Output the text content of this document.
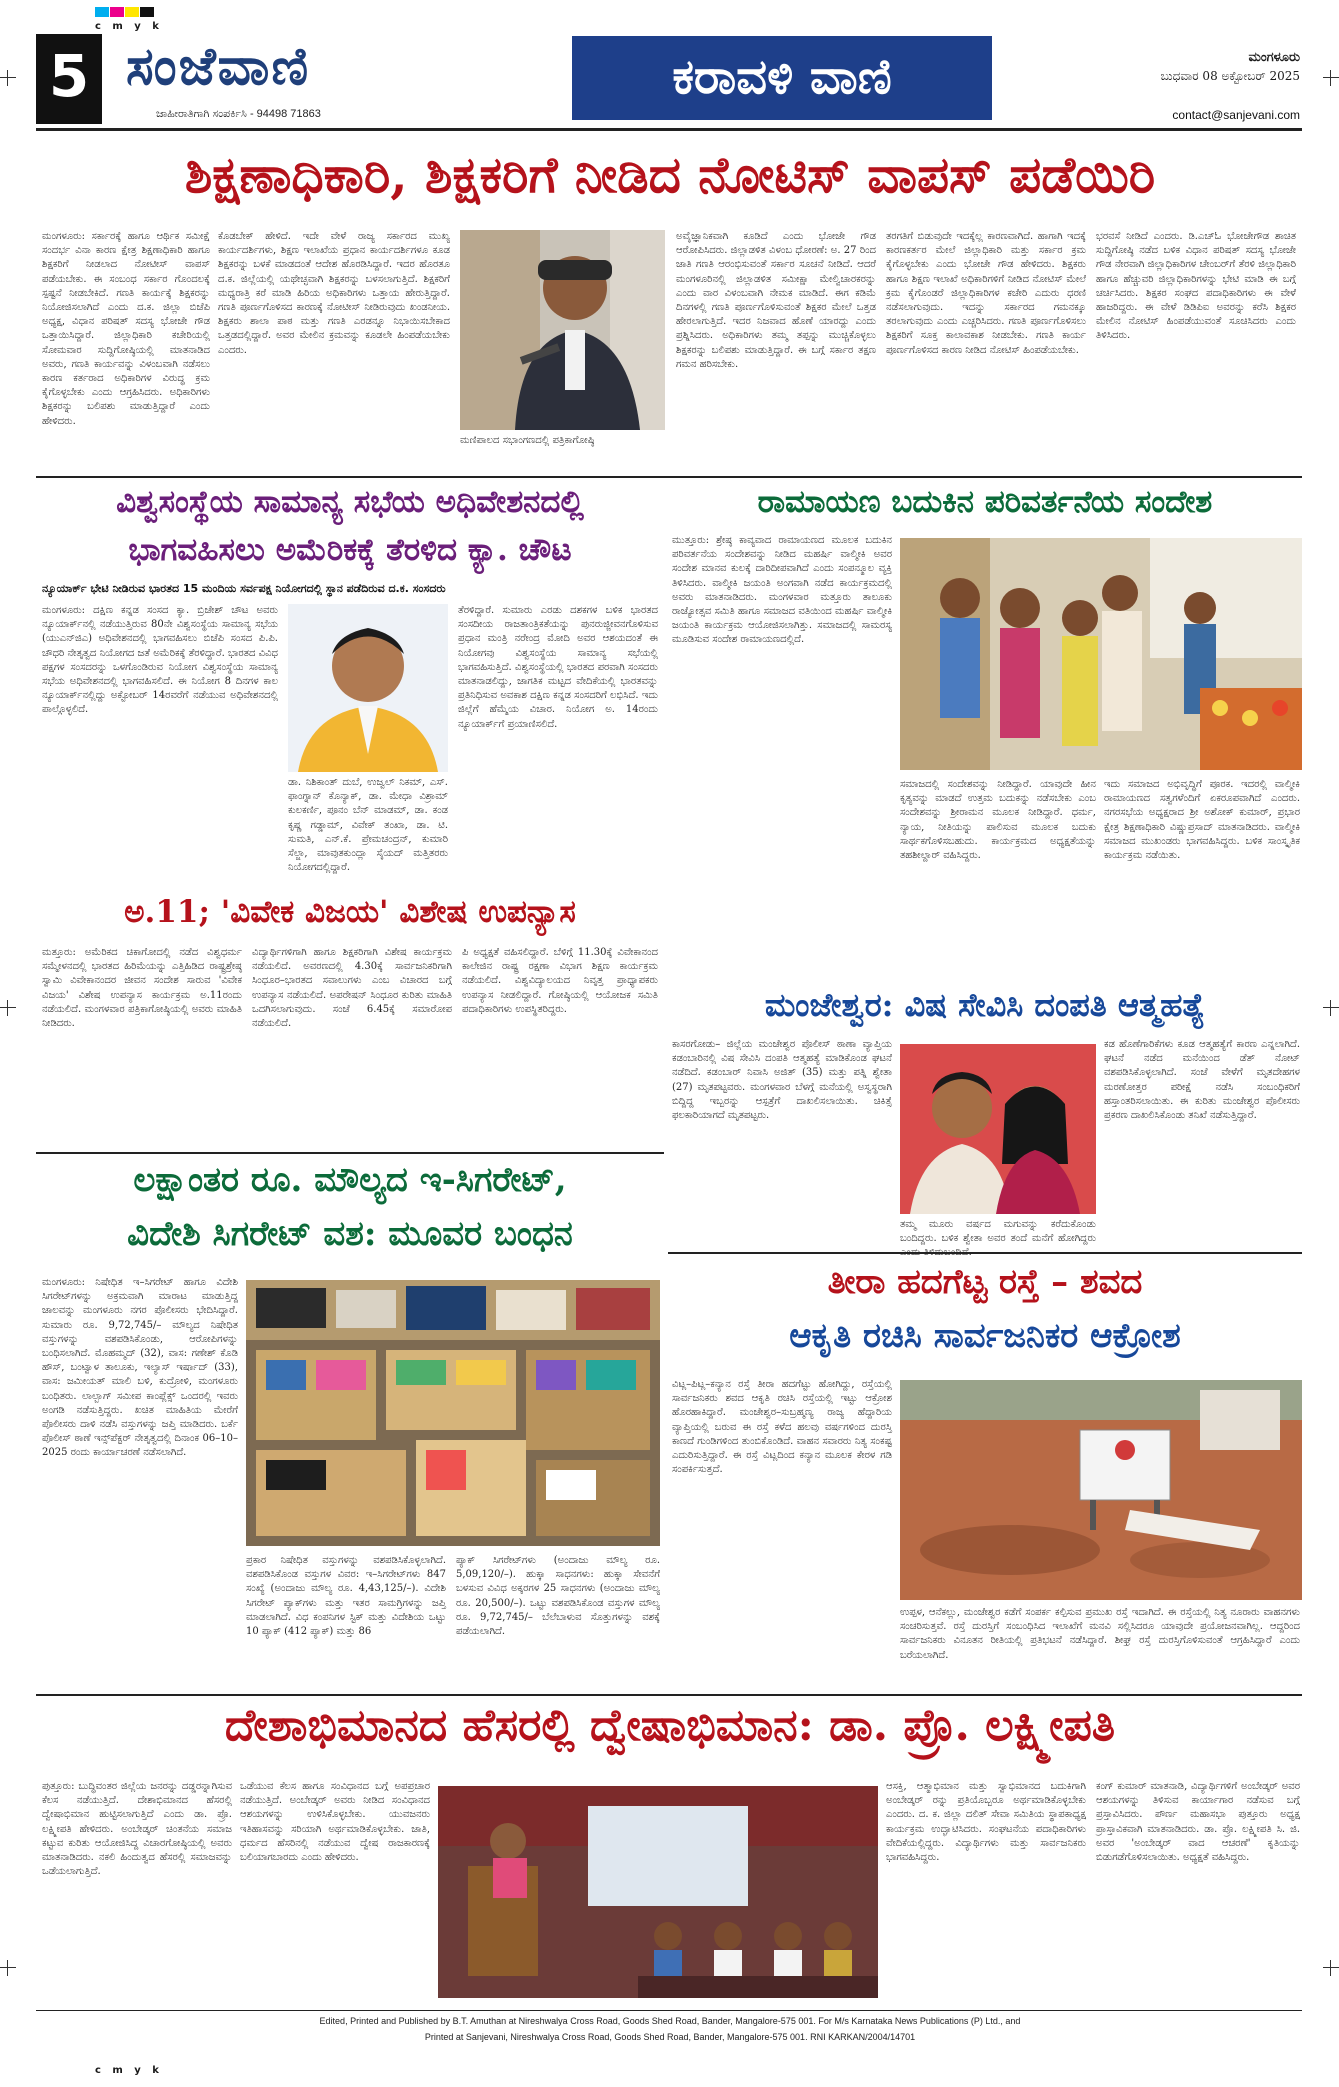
c m y k
5 ಸಂಜೆವಾಣಿ
ಜಾಹೀರಾತಿಗಾಗಿ ಸಂಪರ್ಕಿಸಿ - 94498 71863
ಕರಾವಳಿ ವಾಣಿ	ಮಂಗಳೂರು
ಬುಧವಾರ 08 ಅಕ್ಟೋಬರ್ 2025
contact@sanjevani.com
ಶಿಕ್ಷಣಾಧಿಕಾರಿ, ಶಿಕ್ಷಕರಿಗೆ ನೀಡಿದ ನೋಟಿಸ್ ವಾಪಸ್ ಪಡೆಯಿರಿ
ಮಂಗಳೂರು: ಸರ್ಕಾರಕ್ಕೆ ಹಾಗೂ ಆರ್ಥಿಕ ಸಮೀಕ್ಷೆ ಸಂದರ್ಭ ವಿನಾ ಕಾರಣ ಕ್ಷೇತ್ರ ಶಿಕ್ಷಣಾಧಿಕಾರಿ ಹಾಗೂ ಶಿಕ್ಷಕರಿಗೆ ನೀಡಲಾದ ನೋಟೀಸ್ ವಾಪಸ್ ಪಡೆಯಬೇಕು. ಈ ಸಂಬಂಧ ಸರ್ಕಾರ ಗೊಂದಲಕ್ಕೆ ಸ್ಪಷ್ಟನೆ ನೀಡಬೇಕಿದೆ. ಗಣತಿ ಕಾರ್ಯಕ್ಕೆ ಶಿಕ್ಷಕರನ್ನು ನಿಯೋಜಿಸಲಾಗಿದೆ ಎಂದು ದ.ಕ. ಜಿಲ್ಲಾ ಬಿಜೆಪಿ ಅಧ್ಯಕ್ಷ, ವಿಧಾನ ಪರಿಷತ್ ಸದಸ್ಯ ಭೋಜೇ ಗೌಡ ಒತ್ತಾಯಿಸಿದ್ದಾರೆ. ಜಿಲ್ಲಾಧಿಕಾರಿ ಕಚೇರಿಯಲ್ಲಿ ಸೋಮವಾರ ಸುದ್ದಿಗೋಷ್ಠಿಯಲ್ಲಿ ಮಾತನಾಡಿದ ಅವರು, ಗಣತಿ ಕಾರ್ಯವನ್ನು ವಿಳಂಬವಾಗಿ ನಡೆಸಲು ಕಾರಣ ಕರ್ತರಾದ ಅಧಿಕಾರಿಗಳ ವಿರುದ್ಧ ಕ್ರಮ ಕೈಗೊಳ್ಳಬೇಕು ಎಂದು ಆಗ್ರಹಿಸಿದರು. ಅಧಿಕಾರಿಗಳು ಶಿಕ್ಷಕರನ್ನು ಬಲಿಪಶು ಮಾಡುತ್ತಿದ್ದಾರೆ ಎಂದು ಹೇಳಿದರು.
ಕೊಡಬೇಕ್ ಹೇಳಿದೆ. ಇದೇ ವೇಳೆ ರಾಜ್ಯ ಸರ್ಕಾರದ ಮುಖ್ಯ ಕಾರ್ಯದರ್ಶಿಗಳು, ಶಿಕ್ಷಣ ಇಲಾಖೆಯ ಪ್ರಧಾನ ಕಾರ್ಯದರ್ಶಿಗಳೂ ಕೂಡ ಶಿಕ್ಷಕರನ್ನು ಬಳಕೆ ಮಾಡದಂತೆ ಆದೇಶ ಹೊರಡಿಸಿದ್ದಾರೆ. ಇದರ ಹೊರತೂ ದ.ಕ. ಜಿಲ್ಲೆಯಲ್ಲಿ ಯಥೇಚ್ಛವಾಗಿ ಶಿಕ್ಷಕರನ್ನು ಬಳಸಲಾಗುತ್ತಿದೆ. ಶಿಕ್ಷಕರಿಗೆ ಮಧ್ಯರಾತ್ರಿ ಕರೆ ಮಾಡಿ ಹಿರಿಯ ಅಧಿಕಾರಿಗಳು ಒತ್ತಾಯ ಹೇರುತ್ತಿದ್ದಾರೆ. ಗಣತಿ ಪೂರ್ಣಗೊಳಿಸದ ಕಾರಣಕ್ಕೆ ನೋಟೀಸ್ ನೀಡಿರುವುದು ಖಂಡನೀಯ. ಶಿಕ್ಷಕರು ಶಾಲಾ ಪಾಠ ಮತ್ತು ಗಣತಿ ಎರಡನ್ನೂ ನಿಭಾಯಿಸಬೇಕಾದ ಒತ್ತಡದಲ್ಲಿದ್ದಾರೆ. ಅವರ ಮೇಲಿನ ಕ್ರಮವನ್ನು ಕೂಡಲೇ ಹಿಂಪಡೆಯಬೇಕು ಎಂದರು.
ಮಣಿಪಾಲದ ಸಭಾಂಗಣದಲ್ಲಿ ಪತ್ರಿಕಾಗೋಷ್ಠಿ
ಅವೈಜ್ಞಾನಿಕವಾಗಿ ಕೂಡಿದೆ ಎಂದು ಭೋಜೇ ಗೌಡ ಆರೋಪಿಸಿದರು. ಜಿಲ್ಲಾಡಳಿತ ವಿಳಂಬ ಧೋರಣೆ: ಅ. 27 ರಿಂದ ಜಾತಿ ಗಣತಿ ಆರಂಭಿಸುವಂತೆ ಸರ್ಕಾರ ಸೂಚನೆ ನೀಡಿದೆ. ಆದರೆ ಮಂಗಳೂರಿನಲ್ಲಿ ಜಿಲ್ಲಾಡಳಿತ ಸಮೀಕ್ಷಾ ಮೇಲ್ವಿಚಾರಕರನ್ನು ಎಂದು ವಾರ ವಿಳಂಬವಾಗಿ ನೇಮಕ ಮಾಡಿದೆ. ಈಗ ಕಡಿಮೆ ದಿನಗಳಲ್ಲಿ ಗಣತಿ ಪೂರ್ಣಗೊಳಿಸುವಂತೆ ಶಿಕ್ಷಕರ ಮೇಲೆ ಒತ್ತಡ ಹೇರಲಾಗುತ್ತಿದೆ. ಇದರ ನಿಜವಾದ ಹೊಣೆ ಯಾರದ್ದು ಎಂದು ಪ್ರಶ್ನಿಸಿದರು. ಅಧಿಕಾರಿಗಳು ತಮ್ಮ ತಪ್ಪನ್ನು ಮುಚ್ಚಿಕೊಳ್ಳಲು ಶಿಕ್ಷಕರನ್ನು ಬಲಿಪಶು ಮಾಡುತ್ತಿದ್ದಾರೆ. ಈ ಬಗ್ಗೆ ಸರ್ಕಾರ ತಕ್ಷಣ ಗಮನ ಹರಿಸಬೇಕು.
ತರಗತಿಗೆ ಬಿಡುವುದೇ ಇದಕ್ಕೆಲ್ಲ ಕಾರಣವಾಗಿದೆ. ಹಾಗಾಗಿ ಇದಕ್ಕೆ ಕಾರಣಕರ್ತರ ಮೇಲೆ ಜಿಲ್ಲಾಧಿಕಾರಿ ಮತ್ತು ಸರ್ಕಾರ ಕ್ರಮ ಕೈಗೊಳ್ಳಬೇಕು ಎಂದು ಭೋಜೇ ಗೌಡ ಹೇಳಿದರು. ಶಿಕ್ಷಕರು ಹಾಗೂ ಶಿಕ್ಷಣ ಇಲಾಖೆ ಅಧಿಕಾರಿಗಳಿಗೆ ನೀಡಿದ ನೋಟಿಸ್ ಮೇಲೆ ಕ್ರಮ ಕೈಗೊಂಡರೆ ಜಿಲ್ಲಾಧಿಕಾರಿಗಳ ಕಚೇರಿ ಎದುರು ಧರಣಿ ನಡೆಸಲಾಗುವುದು. ಇದನ್ನು ಸರ್ಕಾರದ ಗಮನಕ್ಕೂ ತರಲಾಗುವುದು ಎಂದು ಎಚ್ಚರಿಸಿದರು. ಗಣತಿ ಪೂರ್ಣಗೊಳಿಸಲು ಶಿಕ್ಷಕರಿಗೆ ಸೂಕ್ತ ಕಾಲಾವಕಾಶ ನೀಡಬೇಕು. ಗಣತಿ ಕಾರ್ಯ ಪೂರ್ಣಗೊಳಿಸದ ಕಾರಣ ನೀಡಿದ ನೋಟಿಸ್ ಹಿಂಪಡೆಯಬೇಕು.
ಭರವಸೆ ನೀಡಿದೆ ಎಂದರು. ಡಿ.ಎಚ್‌ಓ ಭೋಜೇಗೌಡ ಶಾಚಿತ ಸುದ್ದಿಗೋಷ್ಠಿ ನಡೆದ ಬಳಿಕ ವಿಧಾನ ಪರಿಷತ್ ಸದಸ್ಯ ಭೋಜೇ ಗೌಡ ನೇರವಾಗಿ ಜಿಲ್ಲಾಧಿಕಾರಿಗಳ ಚೇಂಬರ್‌ಗೆ ತೆರಳಿ ಜಿಲ್ಲಾಧಿಕಾರಿ ಹಾಗೂ ಹೆಚ್ಚುವರಿ ಜಿಲ್ಲಾಧಿಕಾರಿಗಳನ್ನು ಭೇಟಿ ಮಾಡಿ ಈ ಬಗ್ಗೆ ಚರ್ಚಿಸಿದರು. ಶಿಕ್ಷಕರ ಸಂಘದ ಪದಾಧಿಕಾರಿಗಳು ಈ ವೇಳೆ ಹಾಜರಿದ್ದರು. ಈ ವೇಳೆ ಡಿಡಿಪಿಐ ಅವರನ್ನು ಕರೆಸಿ ಶಿಕ್ಷಕರ ಮೇಲಿನ ನೋಟಿಸ್ ಹಿಂಪಡೆಯುವಂತೆ ಸೂಚಿಸಿದರು ಎಂದು ತಿಳಿಸಿದರು.
ವಿಶ್ವಸಂಸ್ಥೆಯ ಸಾಮಾನ್ಯ ಸಭೆಯ ಅಧಿವೇಶನದಲ್ಲಿ
ಭಾಗವಹಿಸಲು ಅಮೆರಿಕಕ್ಕೆ ತೆರಳಿದ ಕ್ಯಾ. ಚೌಟ
ನ್ಯೂಯಾರ್ಕ್ ಭೇಟಿ ನೀಡಿರುವ ಭಾರತದ 15 ಮಂದಿಯ ಸರ್ವಪಕ್ಷ ನಿಯೋಗದಲ್ಲಿ ಸ್ಥಾನ ಪಡೆದಿರುವ ದ.ಕ. ಸಂಸದರು
ಮಂಗಳೂರು: ದಕ್ಷಿಣ ಕನ್ನಡ ಸಂಸದ ಕ್ಯಾ. ಬ್ರಿಜೇಶ್ ಚೌಟ ಅವರು ನ್ಯೂಯಾರ್ಕ್‌ನಲ್ಲಿ ನಡೆಯುತ್ತಿರುವ 80ನೇ ವಿಶ್ವಸಂಸ್ಥೆಯ ಸಾಮಾನ್ಯ ಸಭೆಯ (ಯುಎನ್‌ಜಿಎ) ಅಧಿವೇಶನದಲ್ಲಿ ಭಾಗವಹಿಸಲು ಬಿಜೆಪಿ ಸಂಸದ ಪಿ.ಪಿ. ಚೌಧರಿ ನೇತೃತ್ವದ ನಿಯೋಗದ ಜತೆ ಅಮೆರಿಕಕ್ಕೆ ತೆರಳಿದ್ದಾರೆ. ಭಾರತದ ವಿವಿಧ ಪಕ್ಷಗಳ ಸಂಸದರನ್ನು ಒಳಗೊಂಡಿರುವ ನಿಯೋಗ ವಿಶ್ವಸಂಸ್ಥೆಯ ಸಾಮಾನ್ಯ ಸಭೆಯ ಅಧಿವೇಶನದಲ್ಲಿ ಭಾಗವಹಿಸಲಿದೆ. ಈ ನಿಯೋಗ 8 ದಿನಗಳ ಕಾಲ ನ್ಯೂಯಾರ್ಕ್‌ನಲ್ಲಿದ್ದು ಅಕ್ಟೋಬರ್ 14ರವರೆಗೆ ನಡೆಯುವ ಅಧಿವೇಶನದಲ್ಲಿ ಪಾಲ್ಗೊಳ್ಳಲಿದೆ.
ಡಾ. ನಿಶಿಕಾಂತ್ ದುಬೆ, ಉಜ್ವಲ್ ನಿಕಮ್, ಎಸ್. ಫಾಂಗ್ನಾನ್ ಕೊನ್ಯಾಕ್, ಡಾ. ಮೇಧಾ ವಿಶ್ರಾಮ್ ಕುಲಕರ್ಣಿ, ಪೂನಂ ಬೆನ್ ಮಾಡಮ್, ಡಾ. ಕಂಡ ಕೃಷ್ಣ ಗಡ್ಡಾಮ್, ವಿವೇಕ್ ತಂಖಾ, ಡಾ. ಟಿ. ಸುಮತಿ, ಎನ್.ಕೆ. ಪ್ರೇಮಚಂದ್ರನ್, ಕುಮಾರಿ ಸೆಲ್ಜಾ, ಮಾವುತಕುಂದ್ಲಾ ಸೈಯದ್ ಮತ್ತಿತರರು ನಿಯೋಗದಲ್ಲಿದ್ದಾರೆ.
ತೆರಳಿದ್ದಾರೆ. ಸುಮಾರು ಎರಡು ದಶಕಗಳ ಬಳಿಕ ಭಾರತದ ಸಂಸದೀಯ ರಾಜತಾಂತ್ರಿಕತೆಯನ್ನು ಪುನರುಜ್ಜೀವನಗೊಳಿಸುವ ಪ್ರಧಾನ ಮಂತ್ರಿ ನರೇಂದ್ರ ಮೋದಿ ಅವರ ಆಶಯದಂತೆ ಈ ನಿಯೋಗವು ವಿಶ್ವಸಂಸ್ಥೆಯ ಸಾಮಾನ್ಯ ಸಭೆಯಲ್ಲಿ ಭಾಗವಹಿಸುತ್ತಿದೆ. ವಿಶ್ವಸಂಸ್ಥೆಯಲ್ಲಿ ಭಾರತದ ಪರವಾಗಿ ಸಂಸದರು ಮಾತನಾಡಲಿದ್ದು, ಜಾಗತಿಕ ಮಟ್ಟದ ವೇದಿಕೆಯಲ್ಲಿ ಭಾರತವನ್ನು ಪ್ರತಿನಿಧಿಸುವ ಅವಕಾಶ ದಕ್ಷಿಣ ಕನ್ನಡ ಸಂಸದರಿಗೆ ಲಭಿಸಿದೆ. ಇದು ಜಿಲ್ಲೆಗೆ ಹೆಮ್ಮೆಯ ವಿಚಾರ. ನಿಯೋಗ ಅ. 14ರಂದು ನ್ಯೂಯಾರ್ಕ್‌ಗೆ ಪ್ರಯಾಣಿಸಲಿದೆ.
ರಾಮಾಯಣ ಬದುಕಿನ ಪರಿವರ್ತನೆಯ ಸಂದೇಶ
ಮುತ್ತೂರು: ಶ್ರೇಷ್ಠ ಕಾವ್ಯವಾದ ರಾಮಾಯಣದ ಮೂಲಕ ಬದುಕಿನ ಪರಿವರ್ತನೆಯ ಸಂದೇಶವನ್ನು ನೀಡಿದ ಮಹರ್ಷಿ ವಾಲ್ಮೀಕಿ ಅವರ ಸಂದೇಶ ಮಾನವ ಕುಲಕ್ಕೆ ದಾರಿದೀಪವಾಗಿದೆ ಎಂದು ಸಂಪನ್ಮೂಲ ವ್ಯಕ್ತಿ ತಿಳಿಸಿದರು. ವಾಲ್ಮೀಕಿ ಜಯಂತಿ ಅಂಗವಾಗಿ ನಡೆದ ಕಾರ್ಯಕ್ರಮದಲ್ಲಿ ಅವರು ಮಾತನಾಡಿದರು. ಮಂಗಳವಾರ ಮತ್ತೂರು ತಾಲೂಕು ರಾಜ್ಯೋತ್ಸವ ಸಮಿತಿ ಹಾಗೂ ಸಮಾಜದ ವತಿಯಿಂದ ಮಹರ್ಷಿ ವಾಲ್ಮೀಕಿ ಜಯಂತಿ ಕಾರ್ಯಕ್ರಮ ಆಯೋಜಿಸಲಾಗಿತ್ತು. ಸಮಾಜದಲ್ಲಿ ಸಾಮರಸ್ಯ ಮೂಡಿಸುವ ಸಂದೇಶ ರಾಮಾಯಣದಲ್ಲಿದೆ.
ಸಮಾಜದಲ್ಲಿ ಸಂದೇಶವನ್ನು ನೀಡಿದ್ದಾರೆ. ಯಾವುದೇ ಹೀನ ಕೃತ್ಯವನ್ನು ಮಾಡದೆ ಉತ್ತಮ ಬದುಕನ್ನು ನಡೆಸಬೇಕು ಎಂಬ ಸಂದೇಶವನ್ನು ಶ್ರೀರಾಮನ ಮೂಲಕ ನೀಡಿದ್ದಾರೆ. ಧರ್ಮ, ನ್ಯಾಯ, ನೀತಿಯನ್ನು ಪಾಲಿಸುವ ಮೂಲಕ ಬದುಕು ಸಾರ್ಥಕಗೊಳಿಸಬಹುದು. ಕಾರ್ಯಕ್ರಮದ ಅಧ್ಯಕ್ಷತೆಯನ್ನು ತಹಶೀಲ್ದಾರ್ ವಹಿಸಿದ್ದರು.
ಇದು ಸಮಾಜದ ಅಭಿವೃದ್ಧಿಗೆ ಪೂರಕ. ಇದರಲ್ಲಿ ವಾಲ್ಮೀಕಿ ರಾಮಾಯಣದ ಸತ್ವಗಳೆಂದಿಗೆ ಏಕರೂಪವಾಗಿದೆ ಎಂದರು. ನಗರಸಭೆಯ ಅಧ್ಯಕ್ಷರಾದ ಶ್ರೀ ಅಶೋಕ್ ಕುಮಾರ್, ಪ್ರಭಾರ ಕ್ಷೇತ್ರ ಶಿಕ್ಷಣಾಧಿಕಾರಿ ವಿಷ್ಣುಪ್ರಸಾದ್ ಮಾತನಾಡಿದರು. ವಾಲ್ಮೀಕಿ ಸಮಾಜದ ಮುಖಂಡರು ಭಾಗವಹಿಸಿದ್ದರು. ಬಳಿಕ ಸಾಂಸ್ಕೃತಿಕ ಕಾರ್ಯಕ್ರಮ ನಡೆಯಿತು.
ಅ.11; 'ವಿವೇಕ ವಿಜಯ' ವಿಶೇಷ ಉಪನ್ಯಾಸ
ಮತ್ತೂರು: ಅಮೆರಿಕದ ಚಿಕಾಗೋದಲ್ಲಿ ನಡೆದ ವಿಶ್ವಧರ್ಮ ಸಮ್ಮೇಳನದಲ್ಲಿ ಭಾರತದ ಹಿರಿಮೆಯನ್ನು ಎತ್ತಿಹಿಡಿದ ರಾಷ್ಟ್ರಶ್ರೇಷ್ಠ ಸ್ವಾಮಿ ವಿವೇಕಾನಂದರ ಜೀವನ ಸಂದೇಶ ಸಾರುವ 'ವಿವೇಕ ವಿಜಯ' ವಿಶೇಷ ಉಪನ್ಯಾಸ ಕಾರ್ಯಕ್ರಮ ಅ.11ರಂದು ನಡೆಯಲಿದೆ. ಮಂಗಳವಾರ ಪತ್ರಿಕಾಗೋಷ್ಠಿಯಲ್ಲಿ ಅವರು ಮಾಹಿತಿ ನೀಡಿದರು.
ವಿದ್ಯಾರ್ಥಿಗಳಿಗಾಗಿ ಹಾಗೂ ಶಿಕ್ಷಕರಿಗಾಗಿ ವಿಶೇಷ ಕಾರ್ಯಕ್ರಮ ನಡೆಯಲಿದೆ. ಅವರಣದಲ್ಲಿ 4.30ಕ್ಕೆ ಸಾರ್ವಜನಿಕರಿಗಾಗಿ ಸಿಂಧೂರ–ಭಾರತದ ಸವಾಲುಗಳು ಎಂಬ ವಿಚಾರದ ಬಗ್ಗೆ ಉಪನ್ಯಾಸ ನಡೆಯಲಿದೆ. ಅಪರೇಷನ್ ಸಿಂಧೂರ ಕುರಿತು ಮಾಹಿತಿ ಒದಗಿಸಲಾಗುವುದು. ಸಂಜೆ 6.45ಕ್ಕೆ ಸಮಾರೋಪ ನಡೆಯಲಿದೆ.
ಪಿ ಅಧ್ಯಕ್ಷತೆ ವಹಿಸಲಿದ್ದಾರೆ. ಬೆಳಿಗ್ಗೆ 11.30ಕ್ಕೆ ವಿವೇಕಾನಂದ ಕಾಲೇಜಿನ ರಾಷ್ಟ್ರ ರಕ್ಷಣಾ ವಿಭಾಗ ಶಿಕ್ಷಣ ಕಾರ್ಯಕ್ರಮ ನಡೆಯಲಿದೆ. ವಿಶ್ವವಿದ್ಯಾಲಯದ ನಿವೃತ್ತ ಪ್ರಾಧ್ಯಾಪಕರು ಉಪನ್ಯಾಸ ನೀಡಲಿದ್ದಾರೆ. ಗೋಷ್ಠಿಯಲ್ಲಿ ಆಯೋಜಕ ಸಮಿತಿ ಪದಾಧಿಕಾರಿಗಳು ಉಪಸ್ಥಿತರಿದ್ದರು.	ಮಂಜೇಶ್ವರ: ವಿಷ ಸೇವಿಸಿ ದಂಪತಿ ಆತ್ಮಹತ್ಯೆ
ಕಾಸರಗೋಡು– ಜಿಲ್ಲೆಯ ಮಂಜೇಶ್ವರ ಪೊಲೀಸ್ ಠಾಣಾ ವ್ಯಾಪ್ತಿಯ ಕಡಂಬಾರಿನಲ್ಲಿ ವಿಷ ಸೇವಿಸಿ ದಂಪತಿ ಆತ್ಮಹತ್ಯೆ ಮಾಡಿಕೊಂಡ ಘಟನೆ ನಡೆದಿದೆ. ಕಡಂಬಾರ್ ನಿವಾಸಿ ಅಜಿತ್ (35) ಮತ್ತು ಪತ್ನಿ ಶ್ವೇತಾ (27) ಮೃತಪಟ್ಟವರು. ಮಂಗಳವಾರ ಬೆಳಗ್ಗೆ ಮನೆಯಲ್ಲಿ ಅಸ್ವಸ್ಥರಾಗಿ ಬಿದ್ದಿದ್ದ ಇಬ್ಬರನ್ನು ಆಸ್ಪತ್ರೆಗೆ ದಾಖಲಿಸಲಾಯಿತು. ಚಿಕಿತ್ಸೆ ಫಲಕಾರಿಯಾಗದೆ ಮೃತಪಟ್ಟರು.
ತಮ್ಮ ಮೂರು ವರ್ಷದ ಮಗುವನ್ನು ಕರೆದುಕೊಂಡು ಬಂದಿದ್ದರು. ಬಳಿಕ ಶ್ವೇತಾ ಅವರ ತಂದೆ ಮನೆಗೆ ಹೋಗಿದ್ದರು
ಕಡ ಹೊಣೆಗಾರಿಕೆಗಳು ಕೂಡ ಆತ್ಮಹತ್ಯೆಗೆ ಕಾರಣ ಎನ್ನಲಾಗಿದೆ. ಘಟನೆ ನಡೆದ ಮನೆಯಿಂದ ಡೆತ್ ನೋಟ್ ವಶಪಡಿಸಿಕೊಳ್ಳಲಾಗಿದೆ. ಸಂಜೆ ವೇಳೆಗೆ ಮೃತದೇಹಗಳ ಮರಣೋತ್ತರ ಪರೀಕ್ಷೆ ನಡೆಸಿ ಸಂಬಂಧಿಕರಿಗೆ ಹಸ್ತಾಂತರಿಸಲಾಯಿತು. ಈ ಕುರಿತು ಮಂಜೇಶ್ವರ ಪೊಲೀಸರು ಪ್ರಕರಣ ದಾಖಲಿಸಿಕೊಂಡು ತನಿಖೆ ನಡೆಸುತ್ತಿದ್ದಾರೆ.
ಲಕ್ಷಾಂತರ ರೂ. ಮೌಲ್ಯದ ಇ-ಸಿಗರೇಟ್,
ವಿದೇಶಿ ಸಿಗರೇಟ್ ವಶ: ಮೂವರ ಬಂಧನ
ಮಂಗಳೂರು: ನಿಷೇಧಿತ ಇ–ಸಿಗರೇಟ್ ಹಾಗೂ ವಿದೇಶಿ ಸಿಗರೇಟ್‌ಗಳನ್ನು ಅಕ್ರಮವಾಗಿ ಮಾರಾಟ ಮಾಡುತ್ತಿದ್ದ ಜಾಲವನ್ನು ಮಂಗಳೂರು ನಗರ ಪೊಲೀಸರು ಭೇದಿಸಿದ್ದಾರೆ. ಸುಮಾರು ರೂ. 9,72,745/– ಮೌಲ್ಯದ ನಿಷೇಧಿತ ವಸ್ತುಗಳನ್ನು ವಶಪಡಿಸಿಕೊಂಡು, ಆರೋಪಿಗಳನ್ನು ಬಂಧಿಸಲಾಗಿದೆ. ಮೊಹಮ್ಮದ್ (32), ವಾಸ: ಗಣೇಶ್ ಕೊಡಿ ಹೌಸ್, ಬಂಟ್ವಾಳ ತಾಲೂಕು, ಇಲ್ಯಾಸ್ ಇರ್ಷಾದ್ (33), ವಾಸ: ಜಮೀಯತ್ ಮಾಲಿ ಬಳಿ, ಕುದ್ರೋಳಿ, ಮಂಗಳೂರು ಬಂಧಿತರು. ಲಾಲ್ಬಾಗ್ ಸಮೀಪ ಕಾಂಪ್ಲೆಕ್ಸ್ ಒಂದರಲ್ಲಿ ಇವರು ಅಂಗಡಿ ನಡೆಸುತ್ತಿದ್ದರು. ಖಚಿತ ಮಾಹಿತಿಯ ಮೇರೆಗೆ ಪೊಲೀಸರು ದಾಳಿ ನಡೆಸಿ ವಸ್ತುಗಳನ್ನು ಜಪ್ತಿ ಮಾಡಿದರು. ಬರ್ಕೆ ಪೊಲೀಸ್ ಠಾಣೆ ಇನ್ಸ್‌ಪೆಕ್ಟರ್ ನೇತೃತ್ವದಲ್ಲಿ ದಿನಾಂಕ 06–10–2025 ರಂದು ಕಾರ್ಯಾಚರಣೆ ನಡೆಸಲಾಗಿದೆ.
ಪ್ರಕಾರ ನಿಷೇಧಿತ ವಸ್ತುಗಳನ್ನು ವಶಪಡಿಸಿಕೊಳ್ಳಲಾಗಿದೆ. ವಶಪಡಿಸಿಕೊಂಡ ವಸ್ತುಗಳ ವಿವರ: ಇ–ಸಿಗರೇಟ್‌ಗಳು 847 ಸಂಖ್ಯೆ (ಅಂದಾಜು ಮೌಲ್ಯ ರೂ. 4,43,125/–). ವಿದೇಶಿ ಸಿಗರೇಟ್ ಪ್ಯಾಕ್‌ಗಳು ಮತ್ತು ಇತರ ಸಾಮಗ್ರಿಗಳನ್ನು ಜಪ್ತಿ ಮಾಡಲಾಗಿದೆ. ವಿಧ ಕಂಪನಿಗಳ ಸ್ಟಿಕ್ ಮತ್ತು ವಿದೇಶಿಯ ಒಟ್ಟು 10 ಪ್ಯಾಕ್ (412 ಪ್ಯಾಕ್) ಮತ್ತು 86
ಪ್ಯಾಕ್ ಸಿಗರೇಟ್‌ಗಳು (ಅಂದಾಜು ಮೌಲ್ಯ ರೂ. 5,09,120/–). ಹುಕ್ಕಾ ಸಾಧನಗಳು: ಹುಕ್ಕಾ ಸೇವನೆಗೆ ಬಳಸುವ ವಿವಿಧ ಅಕ್ಕರಗಳ 25 ಸಾಧನಗಳು (ಅಂದಾಜು ಮೌಲ್ಯ ರೂ. 20,500/–). ಒಟ್ಟು ವಶಪಡಿಸಿಕೊಂಡ ವಸ್ತುಗಳ ಮೌಲ್ಯ ರೂ. 9,72,745/– ಬೆಲೆಬಾಳುವ ಸೊತ್ತುಗಳನ್ನು ವಶಕ್ಕೆ ಪಡೆಯಲಾಗಿದೆ.
ತೀರಾ ಹದಗೆಟ್ಟ ರಸ್ತೆ – ಶವದ
ಆಕೃತಿ ರಚಿಸಿ ಸಾರ್ವಜನಿಕರ ಆಕ್ರೋಶ
ವಿಟ್ಲ–ಪಿಟ್ಲ–ಕನ್ಯಾನ ರಸ್ತೆ ತೀರಾ ಹದಗೆಟ್ಟು ಹೋಗಿದ್ದು, ರಸ್ತೆಯಲ್ಲಿ ಸಾರ್ವಜನಿಕರು ಶವದ ಆಕೃತಿ ರಚಿಸಿ ರಸ್ತೆಯಲ್ಲಿ ಇಟ್ಟು ಆಕ್ರೋಶ ಹೊರಹಾಕಿದ್ದಾರೆ. ಮಂಜೇಶ್ವರ–ಸುಬ್ರಹ್ಮಣ್ಯ ರಾಜ್ಯ ಹೆದ್ದಾರಿಯ ವ್ಯಾಪ್ತಿಯಲ್ಲಿ ಬರುವ ಈ ರಸ್ತೆ ಕಳೆದ ಹಲವು ವರ್ಷಗಳಿಂದ ದುರಸ್ತಿ ಕಾಣದೆ ಗುಂಡಿಗಳಿಂದ ತುಂಬಿಕೊಂಡಿದೆ. ವಾಹನ ಸವಾರರು ನಿತ್ಯ ಸಂಕಷ್ಟ ಎದುರಿಸುತ್ತಿದ್ದಾರೆ. ಈ ರಸ್ತೆ ವಿಟ್ಲದಿಂದ ಕನ್ಯಾನ ಮೂಲಕ ಕೇರಳ ಗಡಿ ಸಂಪರ್ಕಿಸುತ್ತದೆ.
ಉಪ್ಪಳ, ಆನೆಕಲ್ಲು, ಮಂಜೇಶ್ವರ ಕಡೆಗೆ ಸಂಪರ್ಕ ಕಲ್ಪಿಸುವ ಪ್ರಮುಖ ರಸ್ತೆ ಇದಾಗಿದೆ. ಈ ರಸ್ತೆಯಲ್ಲಿ ನಿತ್ಯ ನೂರಾರು ವಾಹನಗಳು ಸಂಚರಿಸುತ್ತವೆ. ರಸ್ತೆ ದುರಸ್ತಿಗೆ ಸಂಬಂಧಿಸಿದ ಇಲಾಖೆಗೆ ಮನವಿ ಸಲ್ಲಿಸಿದರೂ ಯಾವುದೇ ಪ್ರಯೋಜನವಾಗಿಲ್ಲ. ಆದ್ದರಿಂದ ಸಾರ್ವಜನಿಕರು ವಿನೂತನ ರೀತಿಯಲ್ಲಿ ಪ್ರತಿಭಟನೆ ನಡೆಸಿದ್ದಾರೆ. ಶೀಘ್ರ ರಸ್ತೆ ದುರಸ್ತಿಗೊಳಿಸುವಂತೆ ಆಗ್ರಹಿಸಿದ್ದಾರೆ ಎಂದು ಬರೆಯಲಾಗಿದೆ.
ದೇಶಾಭಿಮಾನದ ಹೆಸರಲ್ಲಿ ದ್ವೇಷಾಭಿಮಾನ: ಡಾ. ಪ್ರೊ. ಲಕ್ಷ್ಮೀಪತಿ
ಪುತ್ತೂರು: ಬುದ್ಧಿವಂತರ ಜಿಲ್ಲೆಯ ಜನರನ್ನು ದಡ್ಡರನ್ನಾಗಿಸುವ ಕೆಲಸ ನಡೆಯುತ್ತಿದೆ. ದೇಶಾಭಿಮಾನದ ಹೆಸರಲ್ಲಿ ದ್ವೇಷಾಭಿಮಾನ ಹುಟ್ಟಿಸಲಾಗುತ್ತಿದೆ ಎಂದು ಡಾ. ಪ್ರೊ. ಲಕ್ಷ್ಮೀಪತಿ ಹೇಳಿದರು. ಅಂಬೇಡ್ಕರ್ ಚಿಂತನೆಯ ಸಮಾಜ ಕಟ್ಟುವ ಕುರಿತು ಆಯೋಜಿಸಿದ್ದ ವಿಚಾರಗೋಷ್ಠಿಯಲ್ಲಿ ಅವರು ಮಾತನಾಡಿದರು. ನಕಲಿ ಹಿಂದುತ್ವದ ಹೆಸರಲ್ಲಿ ಸಮಾಜವನ್ನು ಒಡೆಯಲಾಗುತ್ತಿದೆ.
ಒಡೆಯುವ ಕೆಲಸ ಹಾಗೂ ಸಂವಿಧಾನದ ಬಗ್ಗೆ ಅಪಪ್ರಚಾರ ನಡೆಯುತ್ತಿದೆ. ಅಂಬೇಡ್ಕರ್ ಅವರು ನೀಡಿದ ಸಂವಿಧಾನದ ಆಶಯಗಳನ್ನು ಉಳಿಸಿಕೊಳ್ಳಬೇಕು. ಯುವಜನರು ಇತಿಹಾಸವನ್ನು ಸರಿಯಾಗಿ ಅರ್ಥಮಾಡಿಕೊಳ್ಳಬೇಕು. ಜಾತಿ, ಧರ್ಮದ ಹೆಸರಿನಲ್ಲಿ ನಡೆಯುವ ದ್ವೇಷ ರಾಜಕಾರಣಕ್ಕೆ ಬಲಿಯಾಗಬಾರದು ಎಂದು ಹೇಳಿದರು.
ಆಸಕ್ತಿ, ಆತ್ಮಾಭಿಮಾನ ಮತ್ತು ಸ್ವಾಭಿಮಾನದ ಬದುಕಿಗಾಗಿ ಅಂಬೇಡ್ಕರ್ ರನ್ನು ಪ್ರತಿಯೊಬ್ಬರೂ ಅರ್ಥಮಾಡಿಕೊಳ್ಳಬೇಕು ಎಂದರು. ದ. ಕ. ಜಿಲ್ಲಾ ದಲಿತ್ ಸೇವಾ ಸಮಿತಿಯ ಸ್ಥಾಪಕಾಧ್ಯಕ್ಷ ಕಾರ್ಯಕ್ರಮ ಉದ್ಘಾಟಿಸಿದರು. ಸಂಘಟನೆಯ ಪದಾಧಿಕಾರಿಗಳು ವೇದಿಕೆಯಲ್ಲಿದ್ದರು. ವಿದ್ಯಾರ್ಥಿಗಳು ಮತ್ತು ಸಾರ್ವಜನಿಕರು ಭಾಗವಹಿಸಿದ್ದರು.
ಕಂಗ್ ಕುಮಾರ್ ಮಾತನಾಡಿ, ವಿದ್ಯಾರ್ಥಿಗಳಿಗೆ ಅಂಬೇಡ್ಕರ್ ಅವರ ಆಶಯಗಳನ್ನು ತಿಳಿಸುವ ಕಾರ್ಯಾಗಾರ ನಡೆಸುವ ಬಗ್ಗೆ ಪ್ರಸ್ತಾವಿಸಿದರು. ಪೌರ್ಣ ಮಹಾಸಭಾ ಪುತ್ತೂರು ಅಧ್ಯಕ್ಷ ಪ್ರಾಸ್ತಾವಿಕವಾಗಿ ಮಾತನಾಡಿದರು. ಡಾ. ಪ್ರೊ. ಲಕ್ಷ್ಮೀಪತಿ ಸಿ. ಜಿ. ಅವರ 'ಅಂಬೇಡ್ಕರ್ ವಾದ ಆಚರಣೆ' ಕೃತಿಯನ್ನು ಬಿಡುಗಡೆಗೊಳಿಸಲಾಯಿತು. ಅಧ್ಯಕ್ಷತೆ ವಹಿಸಿದ್ದರು.
Edited, Printed and Published by B.T. Amuthan at Nireshwalya Cross Road, Goods Shed Road, Bander, Mangalore-575 001. For M/s Karnataka News Publications (P) Ltd., and
Printed at Sanjevani, Nireshwalya Cross Road, Goods Shed Road, Bander, Mangalore-575 001. RNI KARKAN/2004/14701
c m y k
